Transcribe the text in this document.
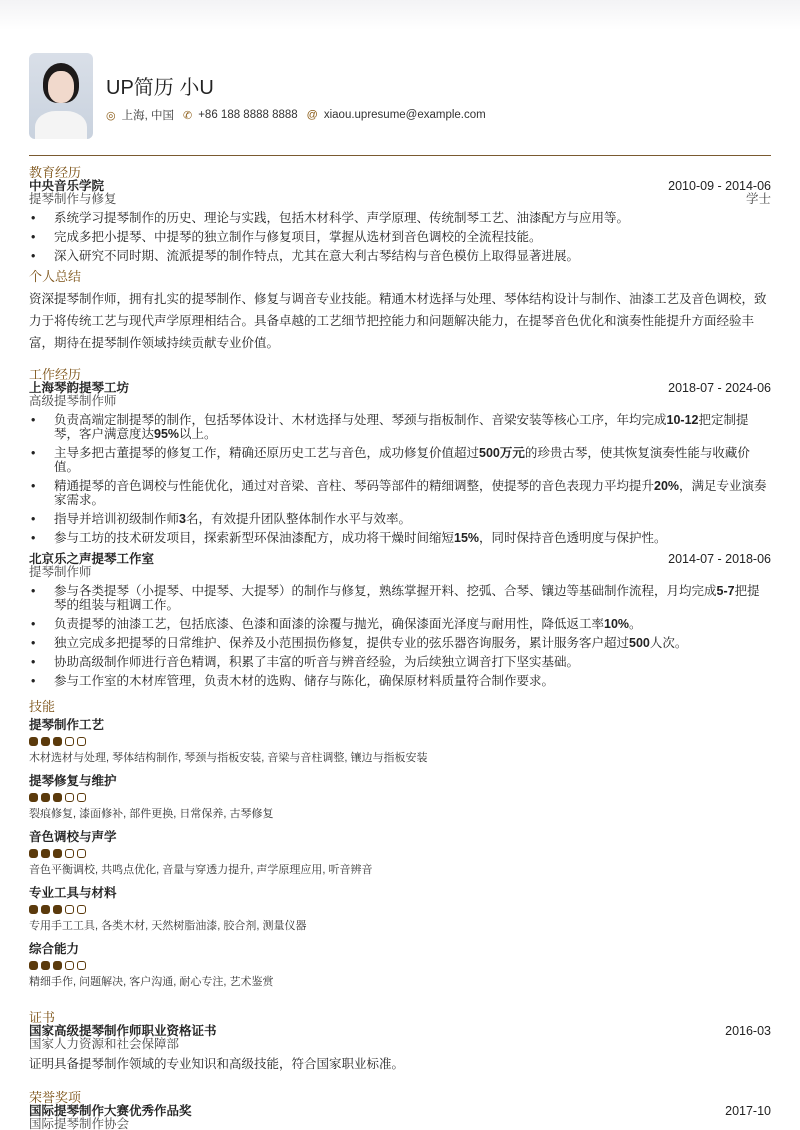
UP简历 小U
◎ 上海, 中国 ✆ +86 188 8888 8888 @ xiaou.upresume@example.com
教育经历
中央音乐学院	2010-09 - 2014-06
提琴制作与修复	学士
• 系统学习提琴制作的历史、理论与实践，包括木材科学、声学原理、传统制琴工艺、油漆配方与应用等。
• 完成多把小提琴、中提琴的独立制作与修复项目，掌握从选材到音色调校的全流程技能。
• 深入研究不同时期、流派提琴的制作特点，尤其在意大利古琴结构与音色模仿上取得显著进展。
个人总结
资深提琴制作师，拥有扎实的提琴制作、修复与调音专业技能。精通木材选择与处理、琴体结构设计与制作、油漆工艺及音色调校，致力于将传统工艺与现代声学原理相结合。具备卓越的工艺细节把控能力和问题解决能力，在提琴音色优化和演奏性能提升方面经验丰富，期待在提琴制作领域持续贡献专业价值。
工作经历
上海琴韵提琴工坊	2018-07 - 2024-06
高级提琴制作师
• 负责高端定制提琴的制作，包括琴体设计、木材选择与处理、琴颈与指板制作、音梁安装等核心工序，年均完成10-12把定制提琴，客户满意度达95%以上。
• 主导多把古董提琴的修复工作，精确还原历史工艺与音色，成功修复价值超过500万元的珍贵古琴，使其恢复演奏性能与收藏价值。
• 精通提琴的音色调校与性能优化，通过对音梁、音柱、琴码等部件的精细调整，使提琴的音色表现力平均提升20%，满足专业演奏家需求。
• 指导并培训初级制作师3名，有效提升团队整体制作水平与效率。
• 参与工坊的技术研发项目，探索新型环保油漆配方，成功将干燥时间缩短15%，同时保持音色透明度与保护性。
北京乐之声提琴工作室	2014-07 - 2018-06
提琴制作师
• 参与各类提琴（小提琴、中提琴、大提琴）的制作与修复，熟练掌握开料、挖弧、合琴、镶边等基础制作流程，月均完成5-7把提琴的组装与粗调工作。
• 负责提琴的油漆工艺，包括底漆、色漆和面漆的涂覆与抛光，确保漆面光泽度与耐用性，降低返工率10%。
• 独立完成多把提琴的日常维护、保养及小范围损伤修复，提供专业的弦乐器咨询服务，累计服务客户超过500人次。
• 协助高级制作师进行音色精调，积累了丰富的听音与辨音经验，为后续独立调音打下坚实基础。
• 参与工作室的木材库管理，负责木材的选购、储存与陈化，确保原材料质量符合制作要求。
技能
提琴制作工艺
木材选材与处理, 琴体结构制作, 琴颈与指板安装, 音梁与音柱调整, 镶边与指板安装
提琴修复与维护
裂痕修复, 漆面修补, 部件更换, 日常保养, 古琴修复
音色调校与声学
音色平衡调校, 共鸣点优化, 音量与穿透力提升, 声学原理应用, 听音辨音
专业工具与材料
专用手工工具, 各类木材, 天然树脂油漆, 胶合剂, 测量仪器
综合能力
精细手作, 问题解决, 客户沟通, 耐心专注, 艺术鉴赏
证书
国家高级提琴制作师职业资格证书	2016-03
国家人力资源和社会保障部
证明具备提琴制作领域的专业知识和高级技能，符合国家职业标准。
荣誉奖项
国际提琴制作大赛优秀作品奖	2017-10
国际提琴制作协会
